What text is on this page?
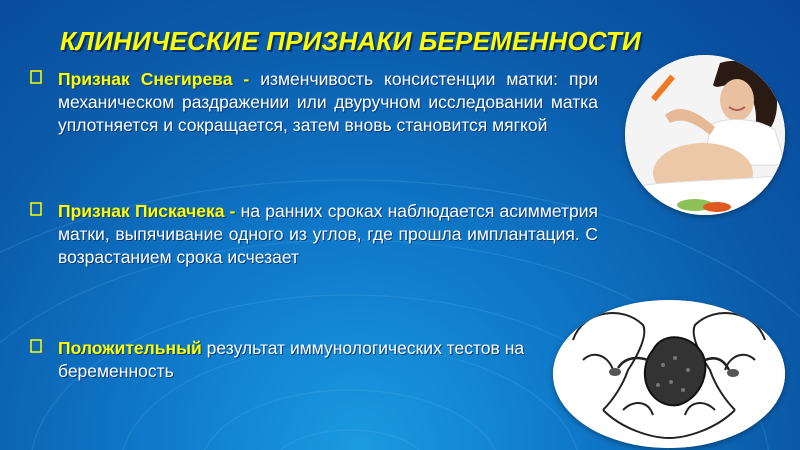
КЛИНИЧЕСКИЕ ПРИЗНАКИ БЕРЕМЕННОСТИ
Признак Снегирева - изменчивость консистенции матки: при механическом раздражении или двуручном исследовании матка уплотняется и сокращается, затем вновь становится мягкой
Признак Пискачека - на ранних сроках наблюдается асимметрия матки, выпячивание одного из углов, где прошла имплантация. С возрастанием срока исчезает
Положительный результат иммунологических тестов на беременность
